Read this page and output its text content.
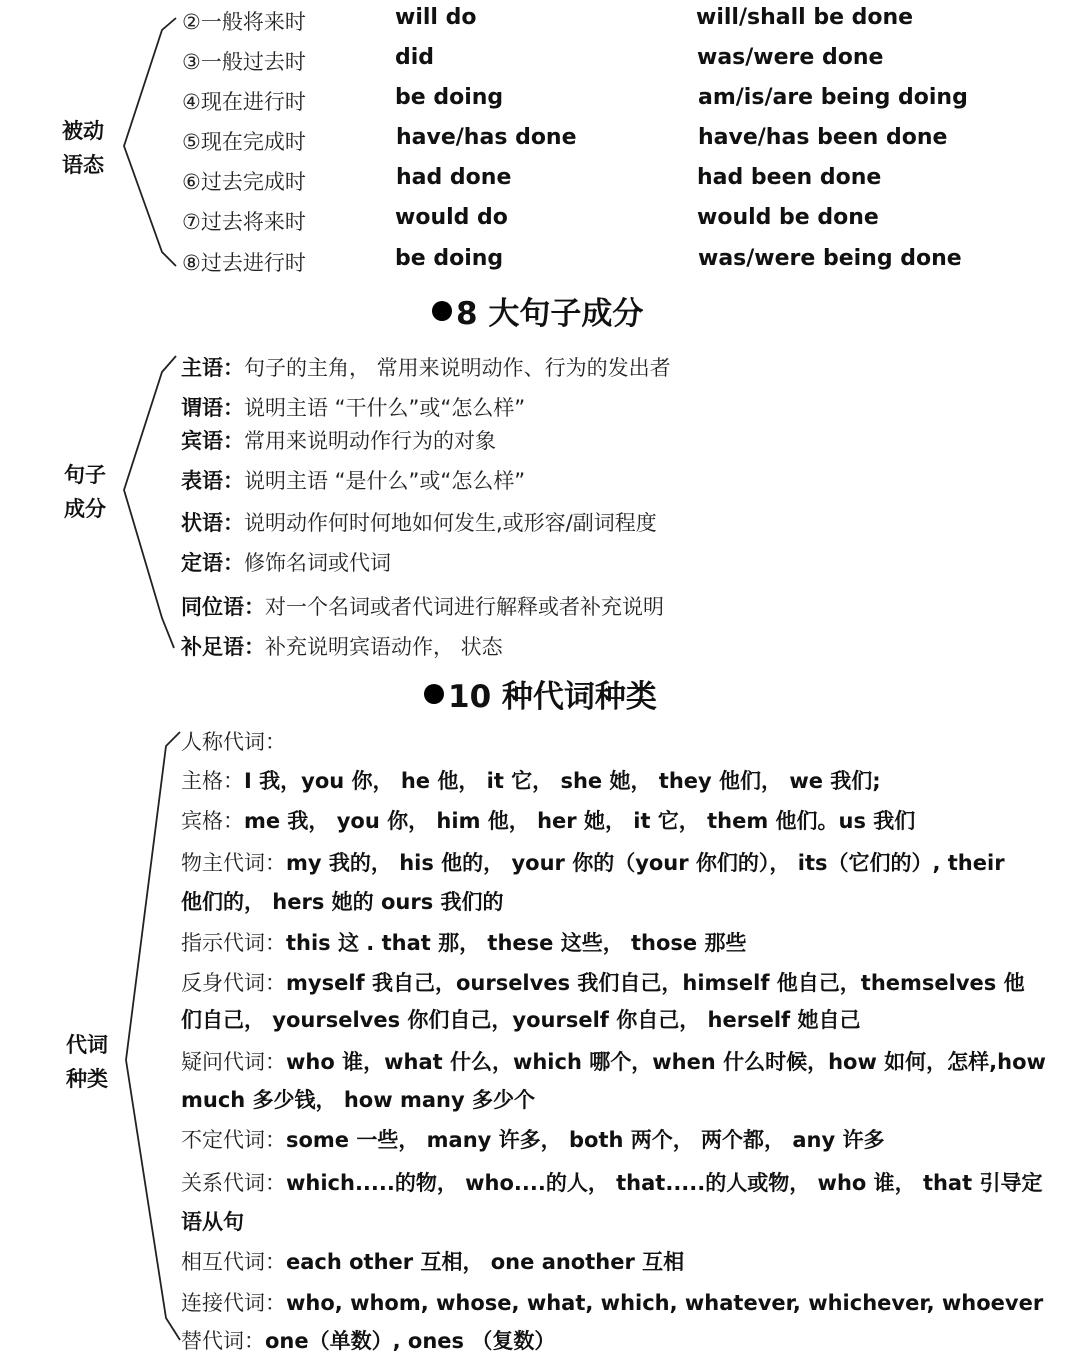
被动
语态
②一般将来时	will do	will/shall be done
③一般过去时	did	was/were done
④现在进行时	be doing	am/is/are being doing
⑤现在完成时	have/has done	have/has been done
⑥过去完成时	had done	had been done
⑦过去将来时	would do	would be done
⑧过去进行时	be doing	was/were being done
8 大句子成分
句子
成分
主语：句子的主角， 常用来说明动作、行为的发出者
谓语：说明主语 “干什么”或“怎么样”
宾语：常用来说明动作行为的对象
表语：说明主语 “是什么”或“怎么样”
状语：说明动作何时何地如何发生,或形容/副词程度
定语：修饰名词或代词
同位语：对一个名词或者代词进行解释或者补充说明
补足语：补充说明宾语动作， 状态
10 种代词种类
代词
种类
人称代词：
主格：I 我，you 你， he 他， it 它， she 她， they 他们， we 我们;
宾格：me 我， you 你， him 他， her 她， it 它， them 他们。us 我们
物主代词：my 我的， his 他的， your 你的（your 你们的）， its（它们的）, their
他们的， hers 她的 ours 我们的
指示代词：this 这 . that 那， these 这些， those 那些
反身代词：myself 我自己，ourselves 我们自己，himself 他自己，themselves 他
们自己， yourselves 你们自己，yourself 你自己， herself 她自己
疑问代词：who 谁，what 什么，which 哪个，when 什么时候，how 如何，怎样,how
much 多少钱， how many 多少个
不定代词：some 一些， many 许多， both 两个， 两个都， any 许多
关系代词：which.....的物， who....的人， that.....的人或物， who 谁， that 引导定
语从句
相互代词：each other 互相， one another 互相
连接代词：who, whom, whose, what, which, whatever, whichever, whoever
替代词：one（单数）, ones （复数）
